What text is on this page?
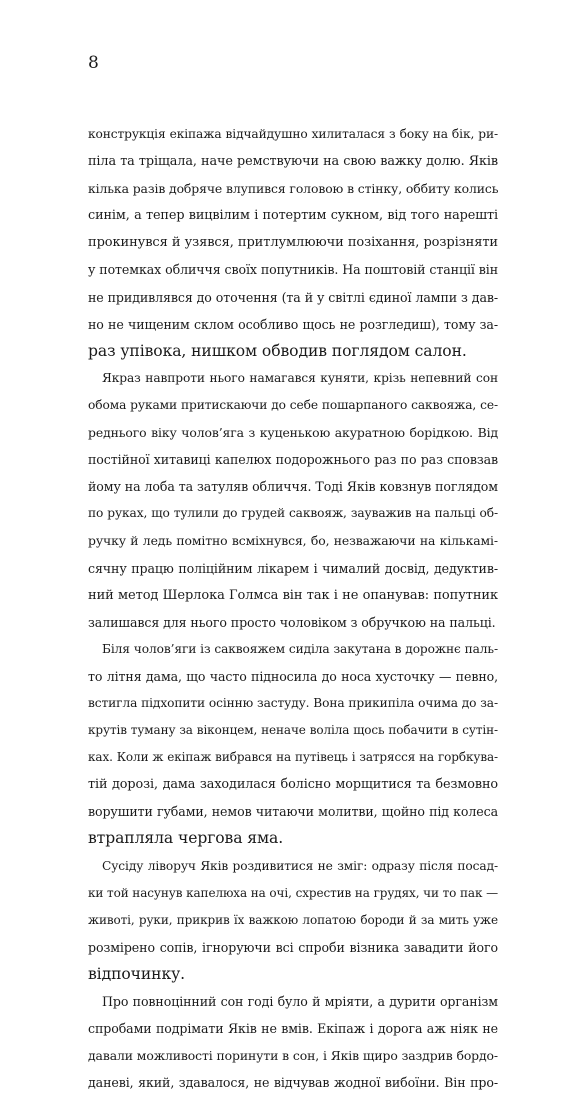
8
конструкція екіпажа відчайдушно хилиталася з боку на бік, ри-
піла та тріщала, наче ремствуючи на свою важку долю. Яків
кілька разів добряче влупився головою в стінку, оббиту колись
синім, а тепер вицвілим і потертим сукном, від того нарешті
прокинувся й узявся, притлумлюючи позіхання, розрізняти
у потемках обличчя своїх попутників. На поштовій станції він
не придивлявся до оточення (та й у світлі єдиної лампи з дав-
но не чищеним склом особливо щось не розгледиш), тому за-
раз упівока, нишком обводив поглядом салон.
Якраз навпроти нього намагався куняти, крізь непевний сон
обома руками притискаючи до себе пошарпаного саквояжа, се-
реднього віку чолов’яга з куценькою акуратною борідкою. Від
постійної хитавиці капелюх подорожнього раз по раз сповзав
йому на лоба та затуляв обличчя. Тоді Яків ковзнув поглядом
по руках, що тулили до грудей саквояж, зауважив на пальці об-
ручку й ледь помітно всміхнувся, бо, незважаючи на кількамі-
сячну працю поліційним лікарем і чималий досвід, дедуктив-
ний метод Шерлока Голмса він так і не опанував: попутник
залишався для нього просто чоловіком з обручкою на пальці.
Біля чолов’яги із саквояжем сиділа закутана в дорожнє паль-
то літня дама, що часто підносила до носа хусточку — певно,
встигла підхопити осінню застуду. Вона прикипіла очима до за-
крутів туману за віконцем, неначе воліла щось побачити в сутін-
ках. Коли ж екіпаж вибрався на путівець і затрясся на горбкува-
тій дорозі, дама заходилася болісно морщитися та безмовно
ворушити губами, немов читаючи молитви, щойно під колеса
втрапляла чергова яма.
Сусіду ліворуч Яків роздивитися не зміг: одразу після посад-
ки той насунув капелюха на очі, схрестив на грудях, чи то пак —
животі, руки, прикрив їх важкою лопатою бороди й за мить уже
розмірено сопів, ігноруючи всі спроби візника завадити його
відпочинку.
Про повноцінний сон годі було й мріяти, а дурити організм
спробами подрімати Яків не вмів. Екіпаж і дорога аж ніяк не
давали можливості поринути в сон, і Яків щиро заздрив бордо-
даневі, який, здавалося, не відчував жодної вибоїни. Він про-
